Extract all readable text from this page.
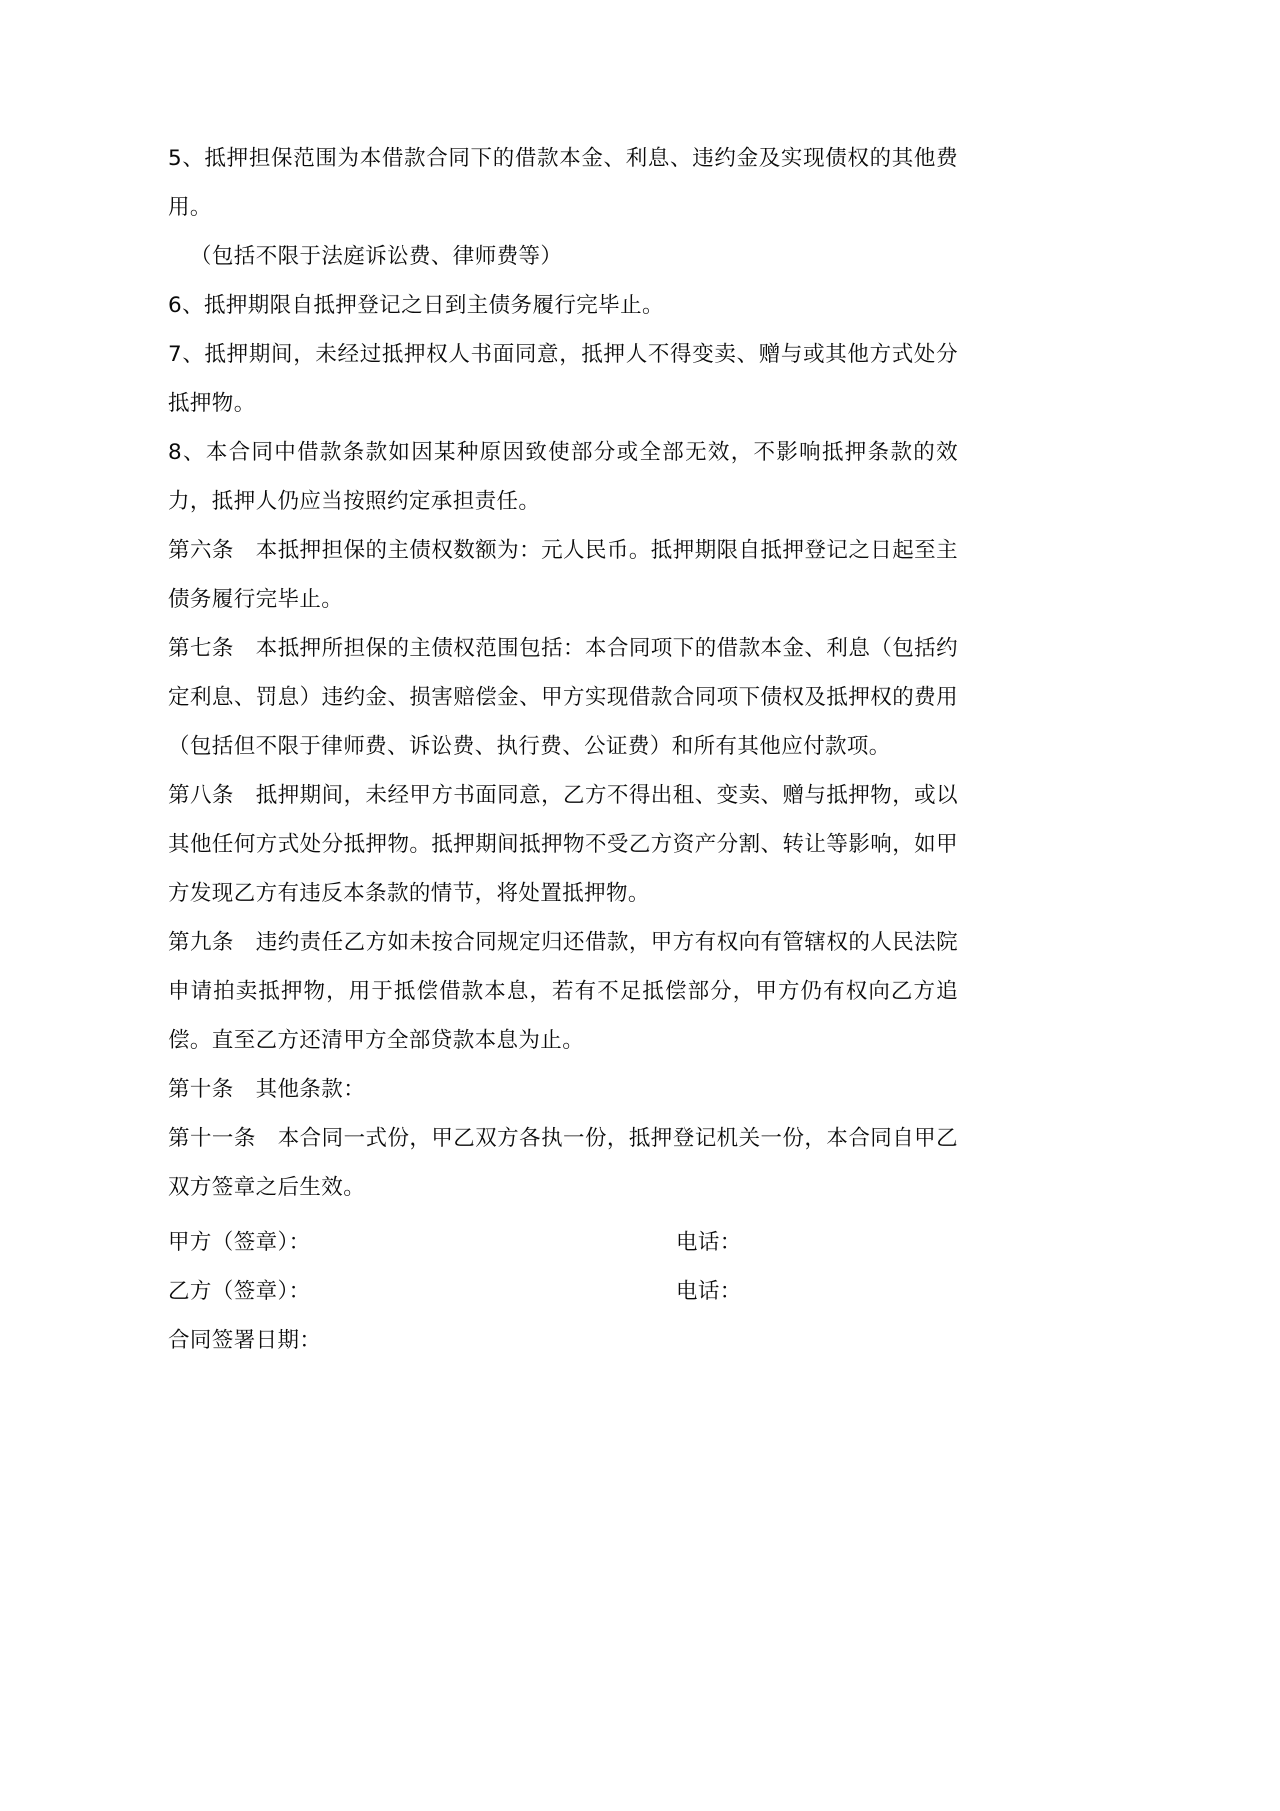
5、抵押担保范围为本借款合同下的借款本金、利息、违约金及实现债权的其他费用。

（包括不限于法庭诉讼费、律师费等）

6、抵押期限自抵押登记之日到主债务履行完毕止。

7、抵押期间，未经过抵押权人书面同意，抵押人不得变卖、赠与或其他方式处分抵押物。

8、本合同中借款条款如因某种原因致使部分或全部无效，不影响抵押条款的效力，抵押人仍应当按照约定承担责任。

第六条　本抵押担保的主债权数额为：元人民币。抵押期限自抵押登记之日起至主债务履行完毕止。

第七条　本抵押所担保的主债权范围包括：本合同项下的借款本金、利息（包括约定利息、罚息）违约金、损害赔偿金、甲方实现借款合同项下债权及抵押权的费用（包括但不限于律师费、诉讼费、执行费、公证费）和所有其他应付款项。

第八条　抵押期间，未经甲方书面同意，乙方不得出租、变卖、赠与抵押物，或以其他任何方式处分抵押物。抵押期间抵押物不受乙方资产分割、转让等影响，如甲方发现乙方有违反本条款的情节，将处置抵押物。

第九条　违约责任乙方如未按合同规定归还借款，甲方有权向有管辖权的人民法院申请拍卖抵押物，用于抵偿借款本息，若有不足抵偿部分，甲方仍有权向乙方追偿。直至乙方还清甲方全部贷款本息为止。

第十条　其他条款：

第十一条　本合同一式份，甲乙双方各执一份，抵押登记机关一份，本合同自甲乙双方签章之后生效。

甲方（签章）：	电话：
乙方（签章）：	电话：
合同签署日期：
